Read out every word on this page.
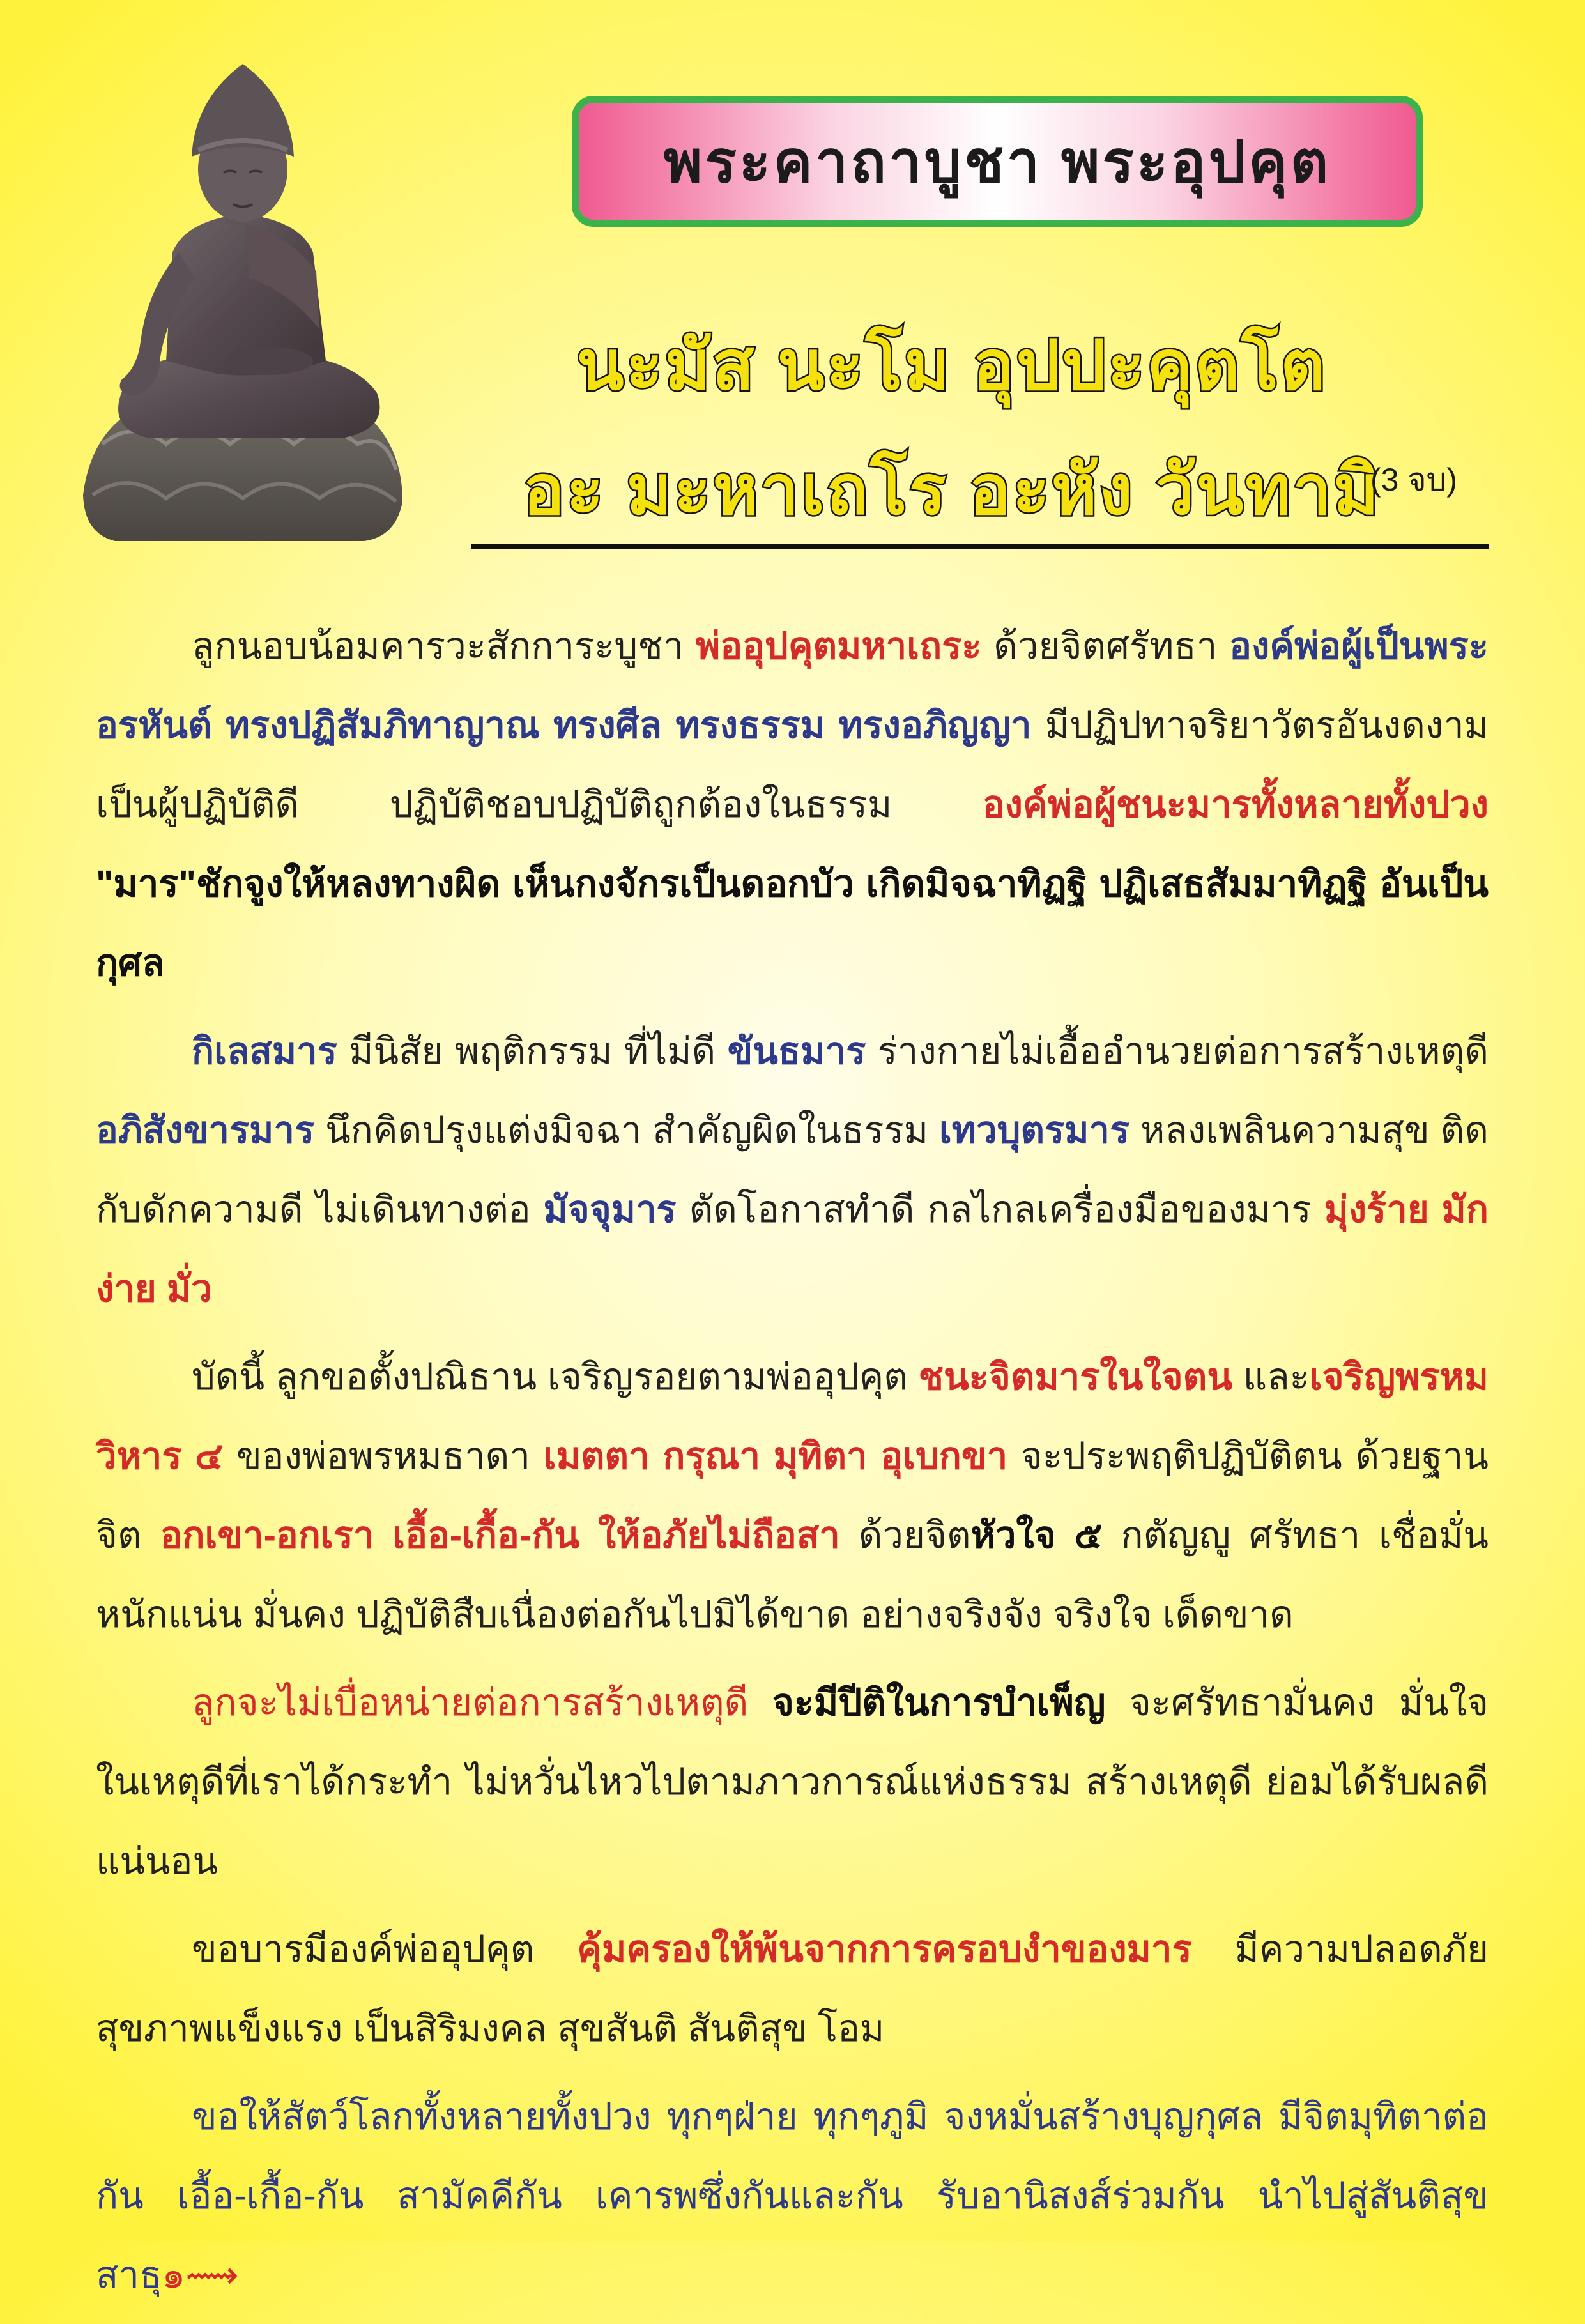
พระคาถาบูชา พระอุปคุต
นะมัส นะโม อุปปะคุตโต
อะ มะหาเถโร อะหัง วันทามิ
(3 จบ)

ลูกนอบน้อมคารวะสักการะบูชา พ่ออุปคุตมหาเถระ ด้วยจิตศรัทธา องค์พ่อผู้เป็นพระอรหันต์ ทรงปฏิสัมภิทาญาณ ทรงศีล ทรงธรรม ทรงอภิญญา มีปฏิปทาจริยาวัตรอันงดงาม เป็นผู้ปฏิบัติดี ปฏิบัติชอบปฏิบัติถูกต้องในธรรม องค์พ่อผู้ชนะมารทั้งหลายทั้งปวง "มาร"ชักจูงให้หลงทางผิด เห็นกงจักรเป็นดอกบัว เกิดมิจฉาทิฏฐิ ปฏิเสธสัมมาทิฏฐิ อันเป็นกุศล

กิเลสมาร มีนิสัย พฤติกรรม ที่ไม่ดี ขันธมาร ร่างกายไม่เอื้ออำนวยต่อการสร้างเหตุดี อภิสังขารมาร นึกคิดปรุงแต่งมิจฉา สำคัญผิดในธรรม เทวบุตรมาร หลงเพลินความสุข ติดกับดักความดี ไม่เดินทางต่อ มัจจุมาร ตัดโอกาสทำดี กลไกลเครื่องมือของมาร มุ่งร้าย มักง่าย มั่ว

บัดนี้ ลูกขอตั้งปณิธาน เจริญรอยตามพ่ออุปคุต ชนะจิตมารในใจตน และเจริญพรหมวิหาร ๔ ของพ่อพรหมธาดา เมตตา กรุณา มุทิตา อุเบกขา จะประพฤติปฏิบัติตน ด้วยฐานจิต อกเขา-อกเรา เอื้อ-เกื้อ-กัน ให้อภัยไม่ถือสา ด้วยจิตหัวใจ ๕ กตัญญู ศรัทธา เชื่อมั่น หนักแน่น มั่นคง ปฏิบัติสืบเนื่องต่อกันไปมิได้ขาด อย่างจริงจัง จริงใจ เด็ดขาด

ลูกจะไม่เบื่อหน่ายต่อการสร้างเหตุดี จะมีปีติในการบำเพ็ญ จะศรัทธามั่นคง มั่นใจในเหตุดีที่เราได้กระทำ ไม่หวั่นไหวไปตามภาวการณ์แห่งธรรม สร้างเหตุดี ย่อมได้รับผลดีแน่นอน

ขอบารมีองค์พ่ออุปคุต คุ้มครองให้พ้นจากการครอบงำของมาร มีความปลอดภัย สุขภาพแข็งแรง เป็นสิริมงคล สุขสันติ สันติสุข โอม

ขอให้สัตว์โลกทั้งหลายทั้งปวง ทุกๆฝ่าย ทุกๆภูมิ จงหมั่นสร้างบุญกุศล มีจิตมุทิตาต่อกัน เอื้อ-เกื้อ-กัน สามัคคีกัน เคารพซึ่งกันและกัน รับอานิสงส์ร่วมกัน นำไปสู่สันติสุข สาธุ๑⟿
